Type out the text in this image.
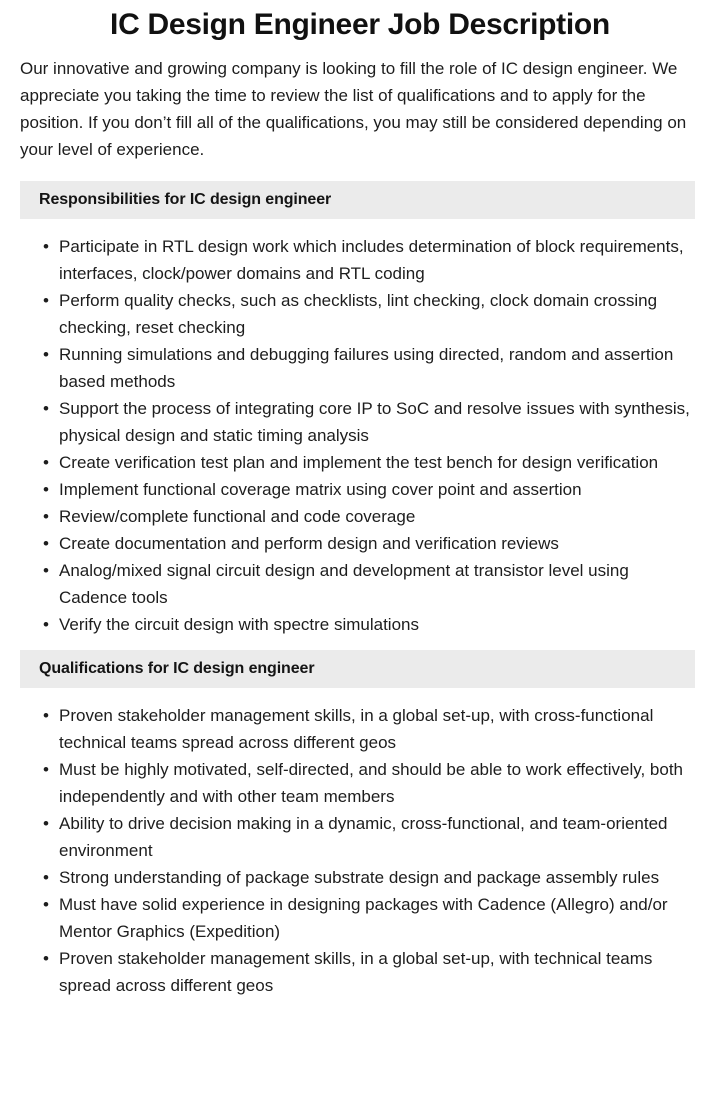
IC Design Engineer Job Description

Our innovative and growing company is looking to fill the role of IC design engineer. We appreciate you taking the time to review the list of qualifications and to apply for the position. If you don’t fill all of the qualifications, you may still be considered depending on your level of experience.

Responsibilities for IC design engineer
• Participate in RTL design work which includes determination of block requirements, interfaces, clock/power domains and RTL coding
• Perform quality checks, such as checklists, lint checking, clock domain crossing checking, reset checking
• Running simulations and debugging failures using directed, random and assertion based methods
• Support the process of integrating core IP to SoC and resolve issues with synthesis, physical design and static timing analysis
• Create verification test plan and implement the test bench for design verification
• Implement functional coverage matrix using cover point and assertion
• Review/complete functional and code coverage
• Create documentation and perform design and verification reviews
• Analog/mixed signal circuit design and development at transistor level using Cadence tools
• Verify the circuit design with spectre simulations
Qualifications for IC design engineer
• Proven stakeholder management skills, in a global set-up, with cross-functional technical teams spread across different geos
• Must be highly motivated, self-directed, and should be able to work effectively, both independently and with other team members
• Ability to drive decision making in a dynamic, cross-functional, and team-oriented environment
• Strong understanding of package substrate design and package assembly rules
• Must have solid experience in designing packages with Cadence (Allegro) and/or Mentor Graphics (Expedition)
• Proven stakeholder management skills, in a global set-up, with technical teams spread across different geos
